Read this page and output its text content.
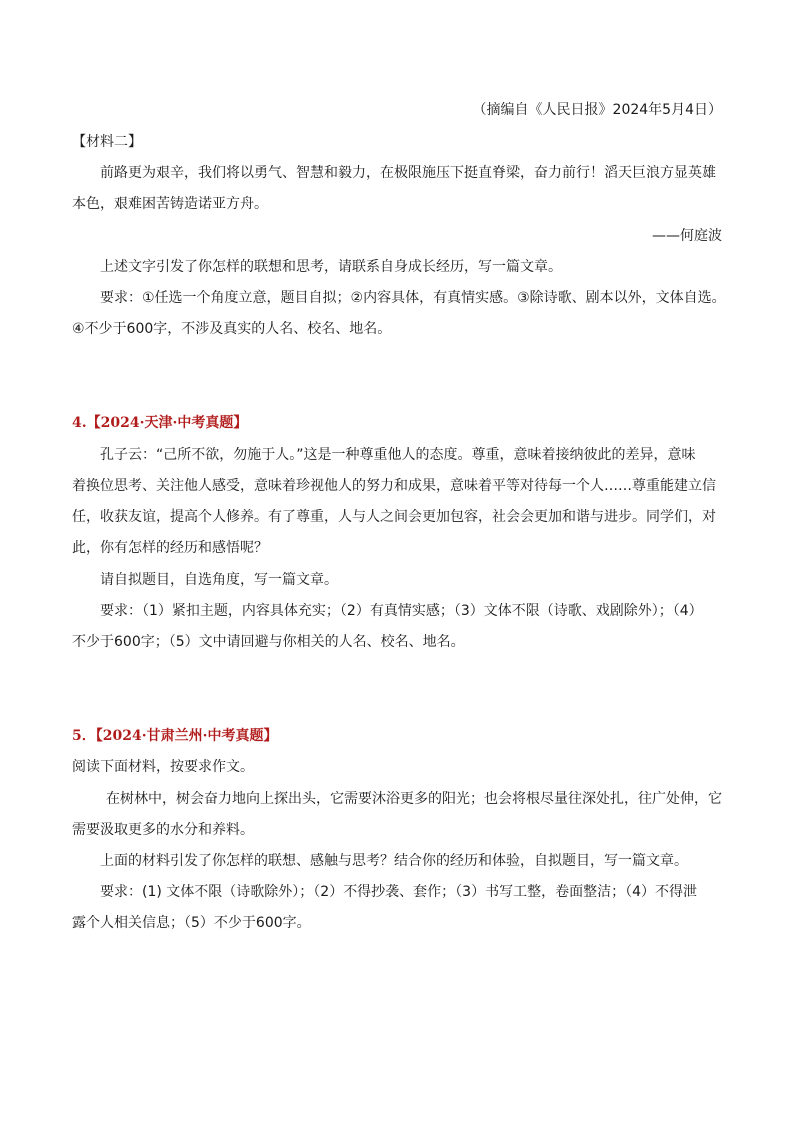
（摘编自《人民日报》2024年5月4日）
【材料二】
前路更为艰辛，我们将以勇气、智慧和毅力，在极限施压下挺直脊梁，奋力前行！滔天巨浪方显英雄
本色，艰难困苦铸造诺亚方舟。
——何庭波
上述文字引发了你怎样的联想和思考，请联系自身成长经历，写一篇文章。
要求：①任选一个角度立意，题目自拟；②内容具体，有真情实感。③除诗歌、剧本以外，文体自选。
④不少于600字，不涉及真实的人名、校名、地名。
4.【2024·天津·中考真题】
孔子云：“己所不欲，勿施于人。”这是一种尊重他人的态度。尊重，意味着接纳彼此的差异，意味
着换位思考、关注他人感受，意味着珍视他人的努力和成果，意味着平等对待每一个人……尊重能建立信
任，收获友谊，提高个人修养。有了尊重，人与人之间会更加包容，社会会更加和谐与进步。同学们，对
此，你有怎样的经历和感悟呢？
请自拟题目，自选角度，写一篇文章。
要求：（1）紧扣主题，内容具体充实；（2）有真情实感；（3）文体不限（诗歌、戏剧除外）；（4）
不少于600字；（5）文中请回避与你相关的人名、校名、地名。
5．【2024·甘肃兰州·中考真题】
阅读下面材料，按要求作文。
在树林中，树会奋力地向上探出头，它需要沐浴更多的阳光；也会将根尽量往深处扎，往广处伸，它
需要汲取更多的水分和养料。
上面的材料引发了你怎样的联想、感触与思考？结合你的经历和体验，自拟题目，写一篇文章。
要求：(1) 文体不限（诗歌除外）；（2）不得抄袭、套作；（3）书写工整，卷面整洁；（4）不得泄
露个人相关信息；（5）不少于600字。
